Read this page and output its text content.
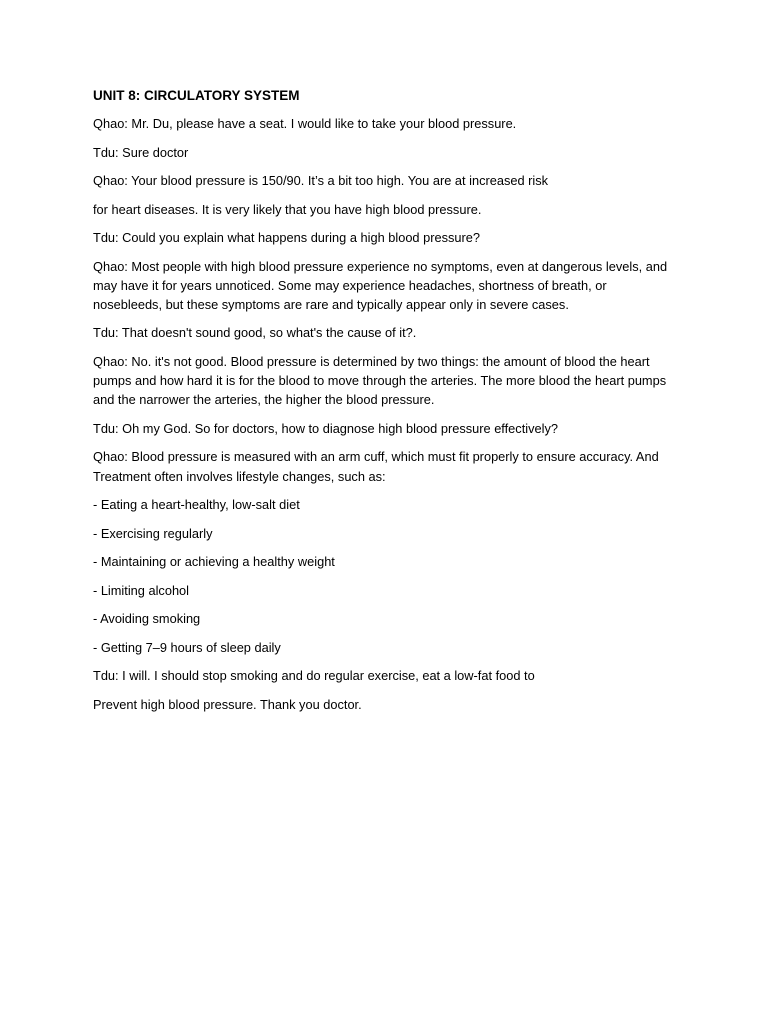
UNIT 8: CIRCULATORY SYSTEM
Qhao: Mr. Du, please have a seat. I would like to take your blood pressure.
Tdu: Sure doctor
Qhao: Your blood pressure is 150/90. It’s a bit too high. You are at increased risk
for heart diseases. It is very likely that you have high blood pressure.
Tdu: Could you explain what happens during a high blood pressure?
Qhao: Most people with high blood pressure experience no symptoms, even at dangerous levels, and may have it for years unnoticed. Some may experience headaches, shortness of breath, or nosebleeds, but these symptoms are rare and typically appear only in severe cases.
Tdu: That doesn't sound good, so what's the cause of it?.
Qhao: No. it's not good. Blood pressure is determined by two things: the amount of blood the heart pumps and how hard it is for the blood to move through the arteries. The more blood the heart pumps and the narrower the arteries, the higher the blood pressure.
Tdu: Oh my God. So for doctors, how to diagnose high blood pressure effectively?
Qhao: Blood pressure is measured with an arm cuff, which must fit properly to ensure accuracy. And Treatment often involves lifestyle changes, such as:
- Eating a heart-healthy, low-salt diet
- Exercising regularly
- Maintaining or achieving a healthy weight
- Limiting alcohol
- Avoiding smoking
- Getting 7–9 hours of sleep daily
Tdu: I will. I should stop smoking and do regular exercise, eat a low-fat food to
Prevent high blood pressure. Thank you doctor.
